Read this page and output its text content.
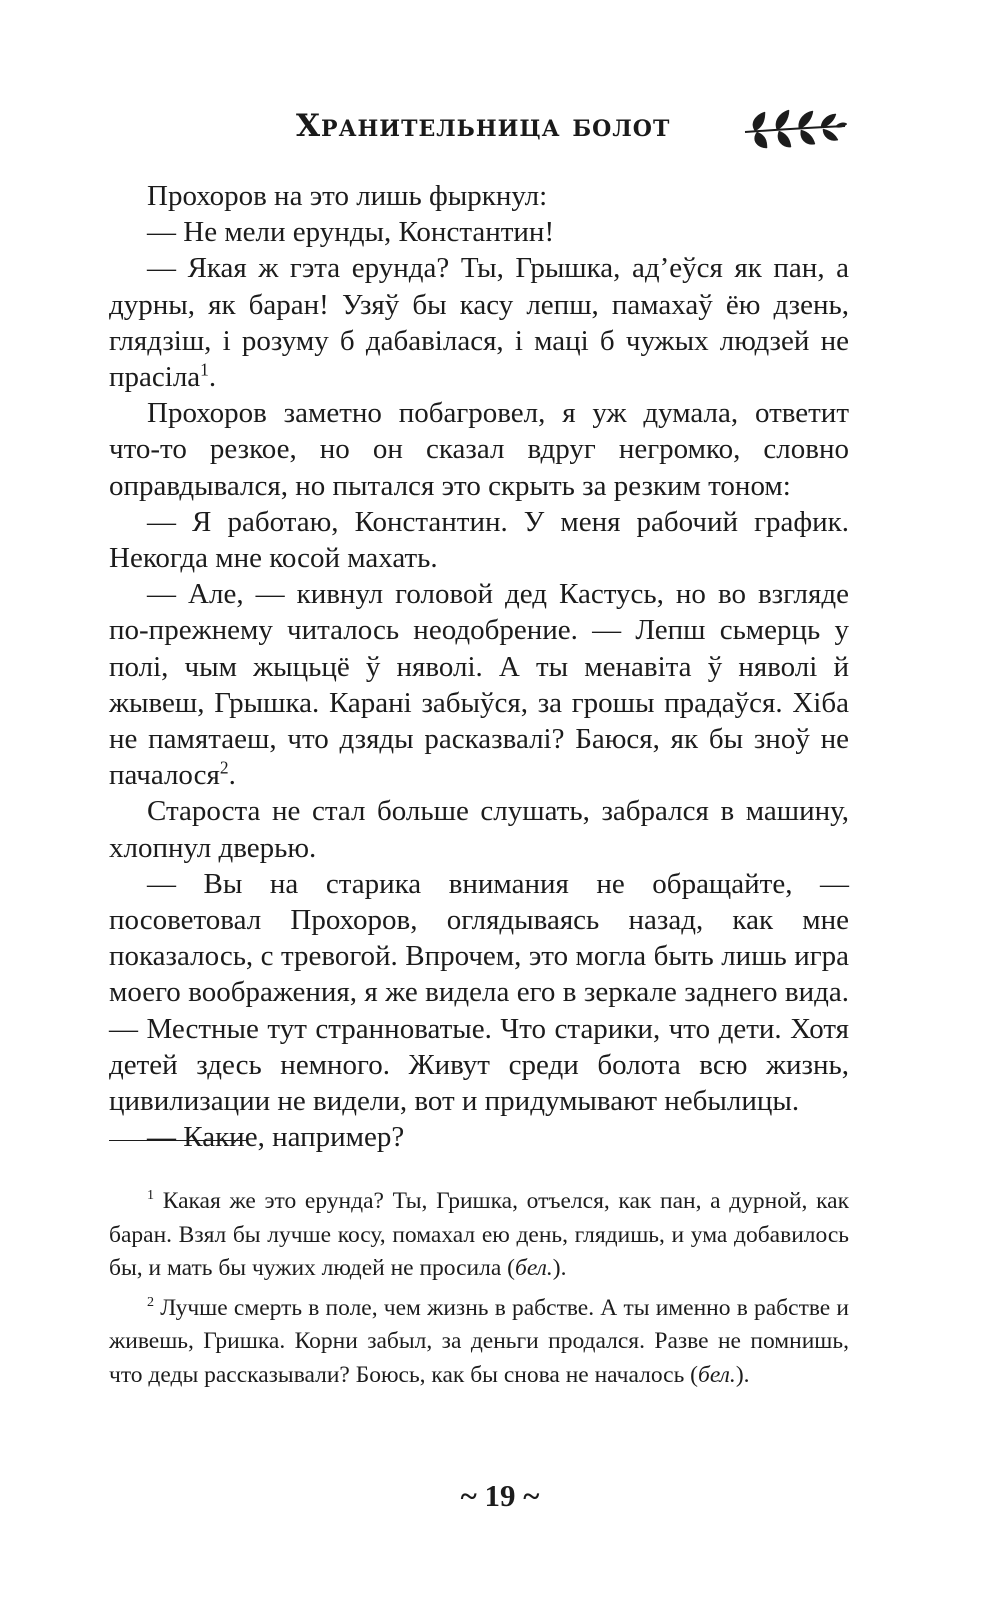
Хранительница болот

Прохоров на это лишь фыркнул:

— Не мели ерунды, Константин!

— Якая ж гэта ерунда? Ты, Грышка, ад’еўся як пан, а дурны, як баран! Узяў бы касу лепш, памахаў ёю дзень, глядзіш, і розуму б дабавілася, і маці б чужых людзей не прасіла$^1$.

Прохоров заметно побагровел, я уж думала, ответит что-то резкое, но он сказал вдруг негромко, словно оправдывался, но пытался это скрыть за резким тоном:

— Я работаю, Константин. У меня рабочий график. Некогда мне косой махать.

— Але, — кивнул головой дед Кастусь, но во взгляде по-прежнему читалось неодобрение. — Лепш сьмерць у полі, чым жыцьцё ў няволі. А ты менавіта ў няволі й жывеш, Грышка. Карані забыўся, за грошы прадаўся. Хіба не памятаеш, что дзяды расказвалі? Баюся, як бы зноў не пачалося$^2$.

Староста не стал больше слушать, забрался в машину, хлопнул дверью.

— Вы на старика внимания не обращайте, — посоветовал Прохоров, оглядываясь назад, как мне показалось, с тревогой. Впрочем, это могла быть лишь игра моего воображения, я же видела его в зеркале заднего вида. — Местные тут странноватые. Что старики, что дети. Хотя детей здесь немного. Живут среди болота всю жизнь, цивилизации не видели, вот и придумывают небылицы.

— Какие, например?

$^1$ Какая же это ерунда? Ты, Гришка, отъелся, как пан, а дурной, как баран. Взял бы лучше косу, помахал ею день, глядишь, и ума добавилось бы, и мать бы чужих людей не просила (бел.).

$^2$ Лучше смерть в поле, чем жизнь в рабстве. А ты именно в рабстве и живешь, Гришка. Корни забыл, за деньги продался. Разве не помнишь, что деды рассказывали? Боюсь, как бы снова не началось (бел.).

~ 19 ~
